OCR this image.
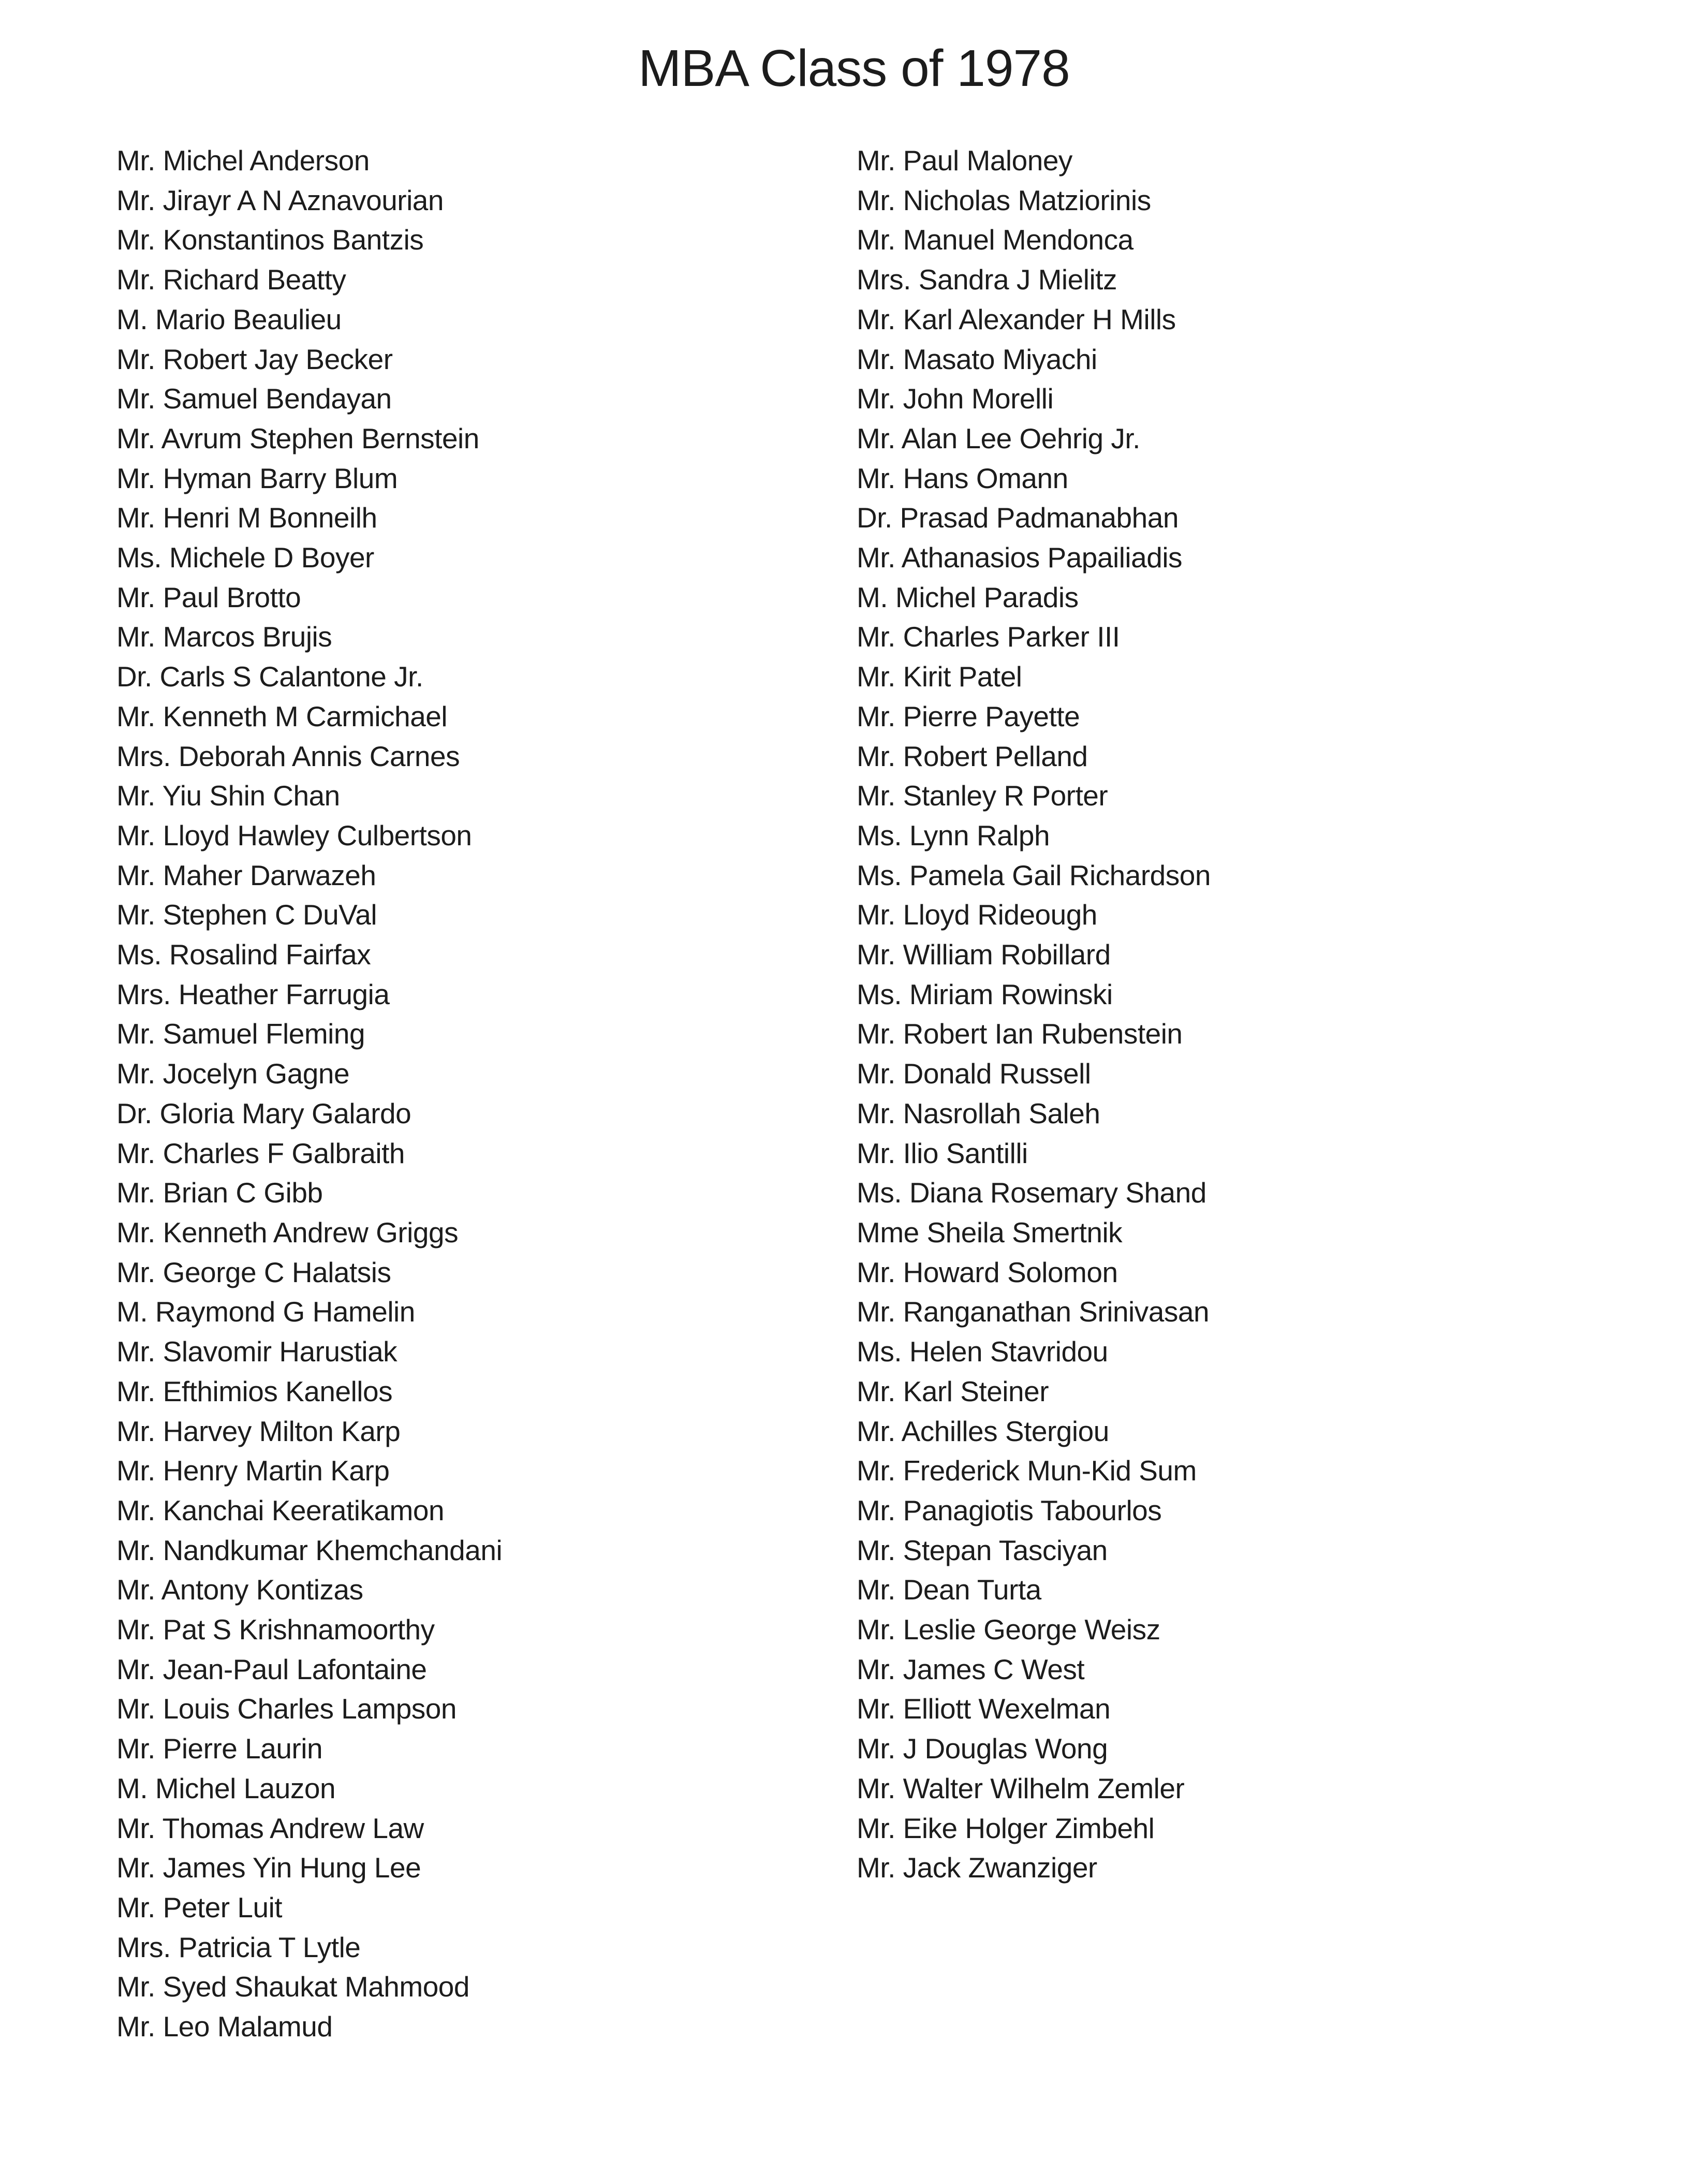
MBA Class of 1978
Mr. Michel Anderson
Mr. Jirayr A N Aznavourian
Mr. Konstantinos Bantzis
Mr. Richard Beatty
M. Mario Beaulieu
Mr. Robert Jay Becker
Mr. Samuel Bendayan
Mr. Avrum Stephen Bernstein
Mr. Hyman Barry Blum
Mr. Henri M Bonneilh
Ms. Michele D Boyer
Mr. Paul Brotto
Mr. Marcos Brujis
Dr. Carls S Calantone Jr.
Mr. Kenneth M Carmichael
Mrs. Deborah Annis Carnes
Mr. Yiu Shin Chan
Mr. Lloyd Hawley Culbertson
Mr. Maher Darwazeh
Mr. Stephen C DuVal
Ms. Rosalind Fairfax
Mrs. Heather Farrugia
Mr. Samuel Fleming
Mr. Jocelyn Gagne
Dr. Gloria Mary Galardo
Mr. Charles F Galbraith
Mr. Brian C Gibb
Mr. Kenneth Andrew Griggs
Mr. George C Halatsis
M. Raymond G Hamelin
Mr. Slavomir Harustiak
Mr. Efthimios Kanellos
Mr. Harvey Milton Karp
Mr. Henry Martin Karp
Mr. Kanchai Keeratikamon
Mr. Nandkumar Khemchandani
Mr. Antony Kontizas
Mr. Pat S Krishnamoorthy
Mr. Jean-Paul Lafontaine
Mr. Louis Charles Lampson
Mr. Pierre Laurin
M. Michel Lauzon
Mr. Thomas Andrew Law
Mr. James Yin Hung Lee
Mr. Peter Luit
Mrs. Patricia T Lytle
Mr. Syed Shaukat Mahmood
Mr. Leo Malamud
Mr. Paul Maloney
Mr. Nicholas Matziorinis
Mr. Manuel Mendonca
Mrs. Sandra J Mielitz
Mr. Karl Alexander H Mills
Mr. Masato Miyachi
Mr. John Morelli
Mr. Alan Lee Oehrig Jr.
Mr. Hans Omann
Dr. Prasad Padmanabhan
Mr. Athanasios Papailiadis
M. Michel Paradis
Mr. Charles Parker III
Mr. Kirit Patel
Mr. Pierre Payette
Mr. Robert Pelland
Mr. Stanley R Porter
Ms. Lynn Ralph
Ms. Pamela Gail Richardson
Mr. Lloyd Rideough
Mr. William Robillard
Ms. Miriam Rowinski
Mr. Robert Ian Rubenstein
Mr. Donald Russell
Mr. Nasrollah Saleh
Mr. Ilio Santilli
Ms. Diana Rosemary Shand
Mme Sheila Smertnik
Mr. Howard Solomon
Mr. Ranganathan Srinivasan
Ms. Helen Stavridou
Mr. Karl Steiner
Mr. Achilles Stergiou
Mr. Frederick Mun-Kid Sum
Mr. Panagiotis Tabourlos
Mr. Stepan Tasciyan
Mr. Dean Turta
Mr. Leslie George Weisz
Mr. James C West
Mr. Elliott Wexelman
Mr. J Douglas Wong
Mr. Walter Wilhelm Zemler
Mr. Eike Holger Zimbehl
Mr. Jack Zwanziger
